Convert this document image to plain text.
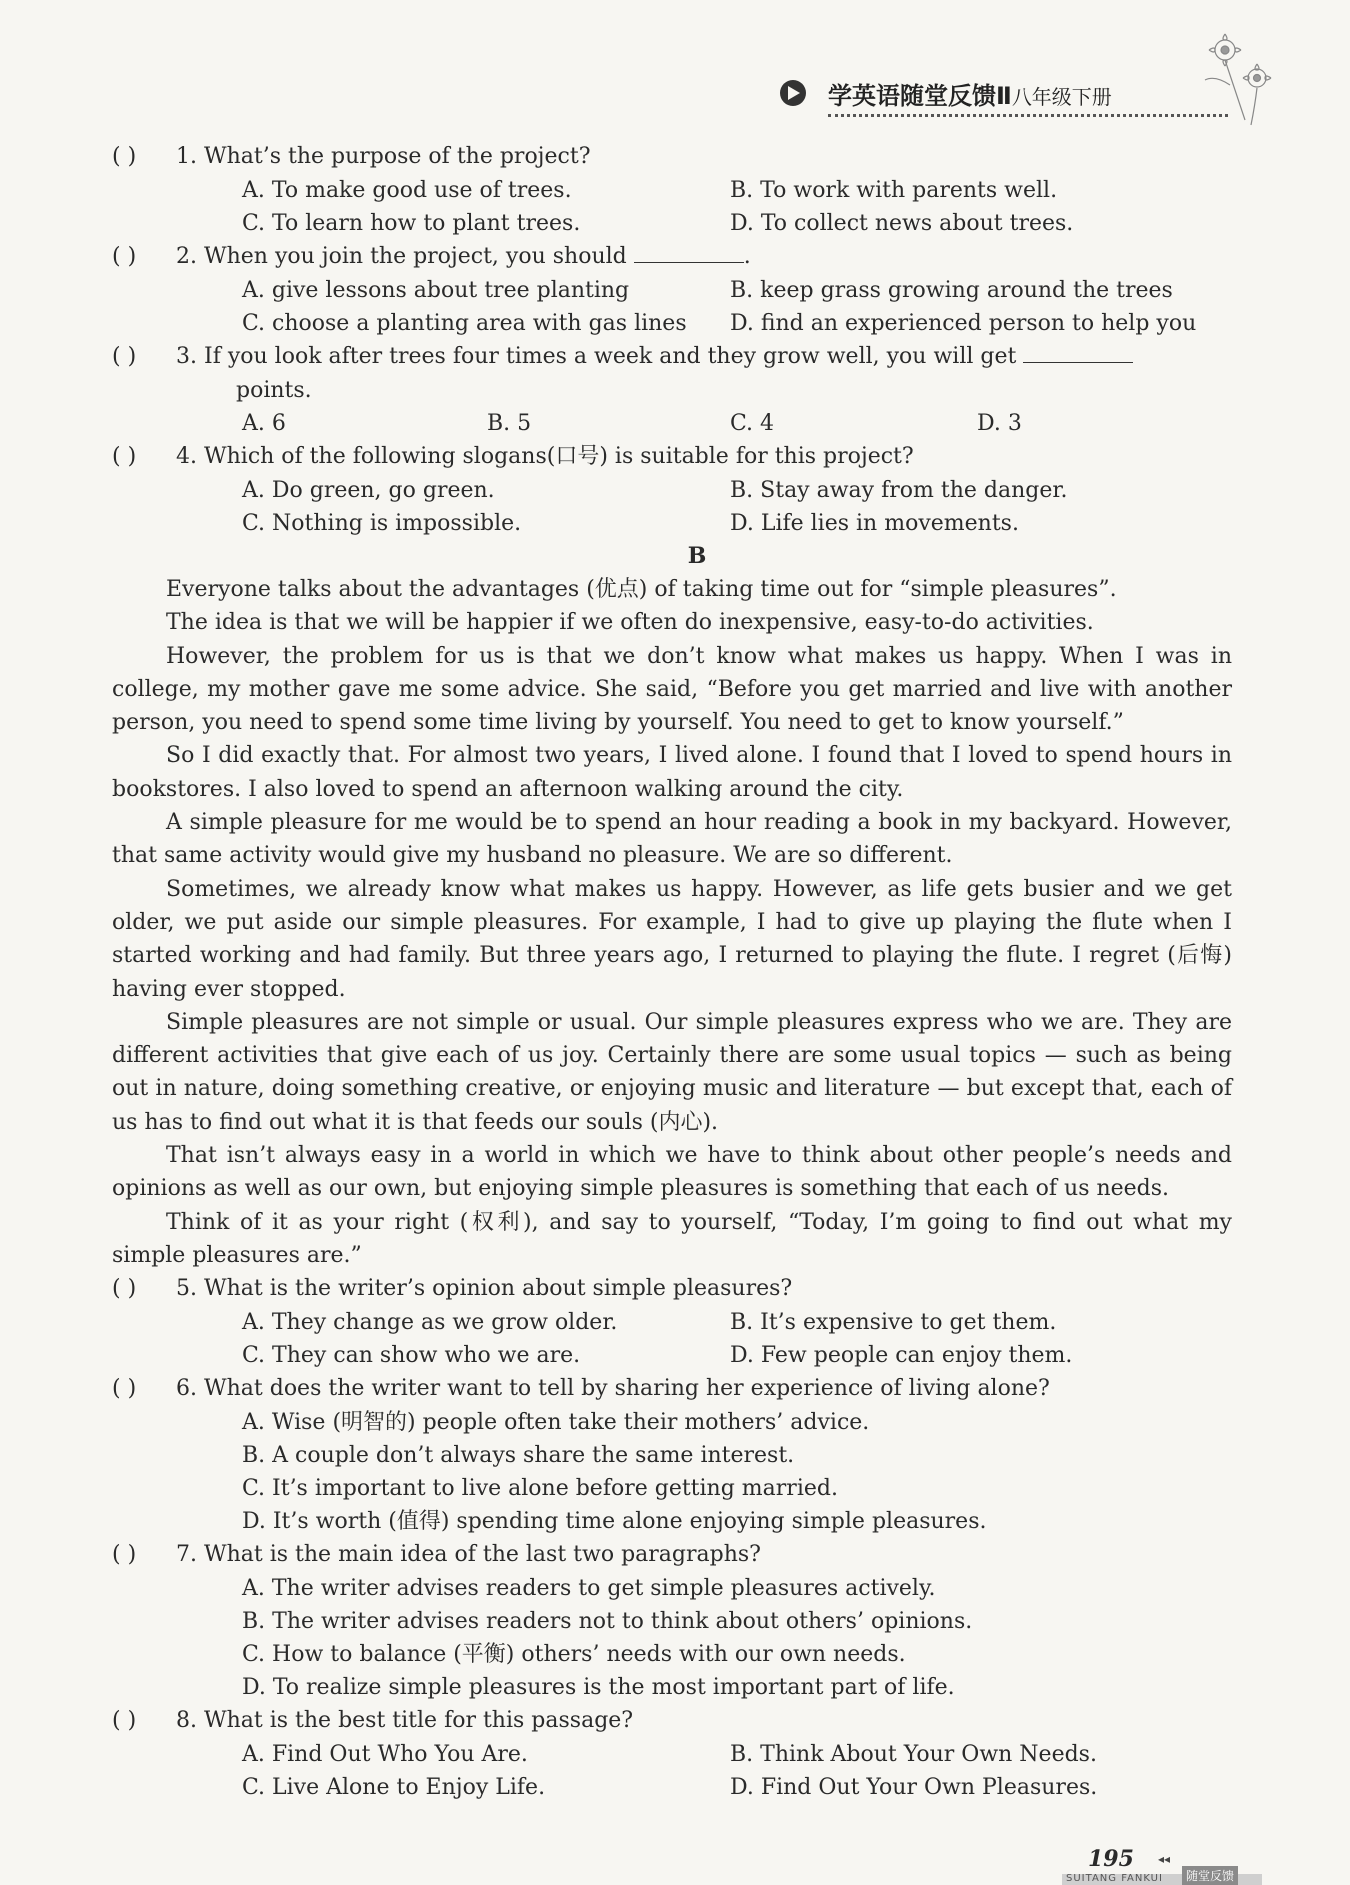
学英语随堂反馈Ⅱ八年级下册
( ) 1. What’s the purpose of the project?
A. To make good use of trees.	B. To work with parents well.
C. To learn how to plant trees.	D. To collect news about trees.
( ) 2. When you join the project, you should	.
A. give lessons about tree planting	B. keep grass growing around the trees
C. choose a planting area with gas lines D. find an experienced person to help you
( ) 3. If you look after trees four times a week and they grow well, you will get
points.
A. 6	B. 5	C. 4	D. 3
( ) 4. Which of the following slogans(口号) is suitable for this project?
A. Do green, go green.	B. Stay away from the danger.
C. Nothing is impossible.	D. Life lies in movements.
B

Everyone talks about the advantages (优点) of taking time out for “simple pleasures”.

The idea is that we will be happier if we often do inexpensive, easy-to-do activities.

However, the problem for us is that we don’t know what makes us happy. When I was in college, my mother gave me some advice. She said, “Before you get married and live with another person, you need to spend some time living by yourself. You need to get to know yourself.”

So I did exactly that. For almost two years, I lived alone. I found that I loved to spend hours in bookstores. I also loved to spend an afternoon walking around the city.

A simple pleasure for me would be to spend an hour reading a book in my backyard. However, that same activity would give my husband no pleasure. We are so different.

Sometimes, we already know what makes us happy. However, as life gets busier and we get older, we put aside our simple pleasures. For example, I had to give up playing the flute when I started working and had family. But three years ago, I returned to playing the flute. I regret (后悔) having ever stopped.

Simple pleasures are not simple or usual. Our simple pleasures express who we are. They are different activities that give each of us joy. Certainly there are some usual topics — such as being out in nature, doing something creative, or enjoying music and literature — but except that, each of us has to find out what it is that feeds our souls (内心).

That isn’t always easy in a world in which we have to think about other people’s needs and opinions as well as our own, but enjoying simple pleasures is something that each of us needs.

Think of it as your right (权利), and say to yourself, “Today, I’m going to find out what my simple pleasures are.”

( ) 5. What is the writer’s opinion about simple pleasures?
A. They change as we grow older.	B. It’s expensive to get them.
C. They can show who we are.	D. Few people can enjoy them.
( ) 6. What does the writer want to tell by sharing her experience of living alone?
A. Wise (明智的) people often take their mothers’ advice.
B. A couple don’t always share the same interest.
C. It’s important to live alone before getting married.
D. It’s worth (值得) spending time alone enjoying simple pleasures.
( ) 7. What is the main idea of the last two paragraphs?
A. The writer advises readers to get simple pleasures actively.
B. The writer advises readers not to think about others’ opinions.
C. How to balance (平衡) others’ needs with our own needs.
D. To realize simple pleasures is the most important part of life.
( ) 8. What is the best title for this passage?
A. Find Out Who You Are.	B. Think About Your Own Needs.
C. Live Alone to Enjoy Life.	D. Find Out Your Own Pleasures.
195 ◂◂
SUITANG FANKUI	随堂反馈
